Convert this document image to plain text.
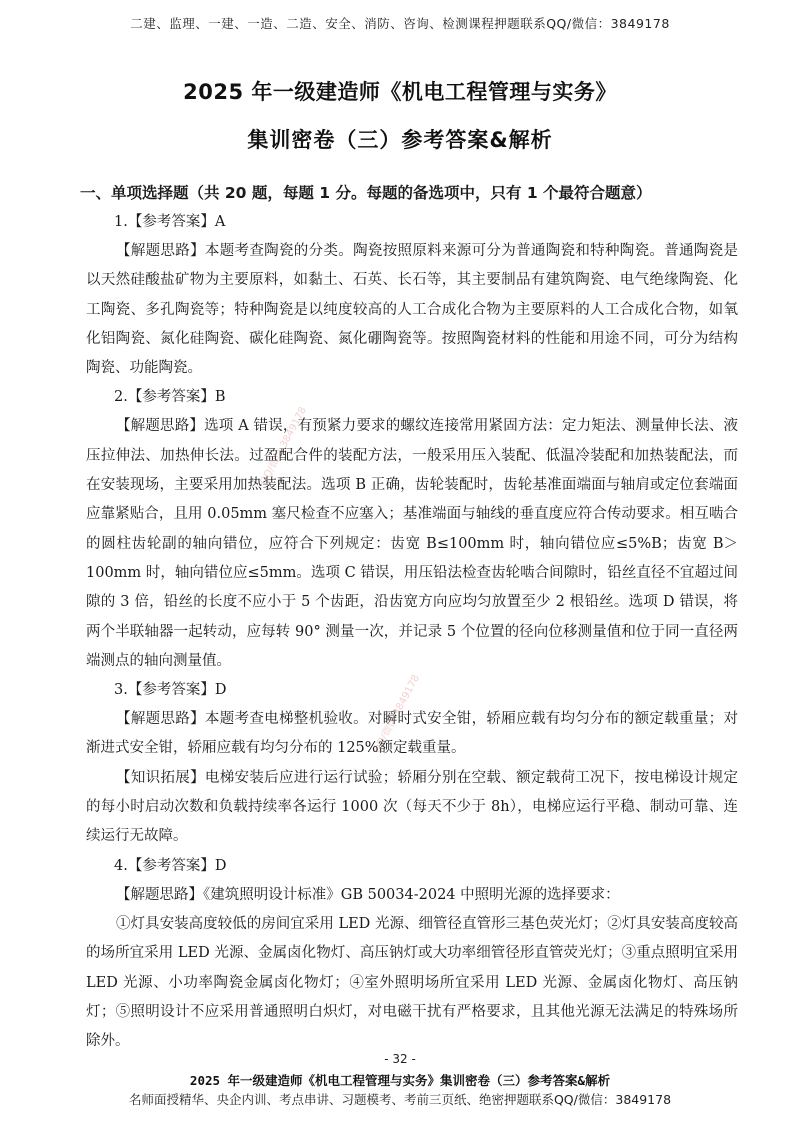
二建、监理、一建、一造、二造、安全、消防、咨询、检测课程押题联系QQ/微信：3849178
2025 年一级建造师《机电工程管理与实务》
集训密卷（三）参考答案&解析
QQ/微信 3849178
QQ/微信 3849178
一、单项选择题（共 20 题，每题 1 分。每题的备选项中，只有 1 个最符合题意）
1.【参考答案】A

【解题思路】本题考查陶瓷的分类。陶瓷按照原料来源可分为普通陶瓷和特种陶瓷。普通陶瓷是以天然硅酸盐矿物为主要原料，如黏土、石英、长石等，其主要制品有建筑陶瓷、电气绝缘陶瓷、化工陶瓷、多孔陶瓷等；特种陶瓷是以纯度较高的人工合成化合物为主要原料的人工合成化合物，如氧化铝陶瓷、氮化硅陶瓷、碳化硅陶瓷、氮化硼陶瓷等。按照陶瓷材料的性能和用途不同，可分为结构陶瓷、功能陶瓷。

2.【参考答案】B

【解题思路】选项 A 错误，有预紧力要求的螺纹连接常用紧固方法：定力矩法、测量伸长法、液压拉伸法、加热伸长法。过盈配合件的装配方法，一般采用压入装配、低温冷装配和加热装配法，而在安装现场，主要采用加热装配法。选项 B 正确，齿轮装配时，齿轮基准面端面与轴肩或定位套端面应靠紧贴合，且用 0.05mm 塞尺检查不应塞入；基准端面与轴线的垂直度应符合传动要求。相互啮合的圆柱齿轮副的轴向错位，应符合下列规定：齿宽 B≤100mm 时，轴向错位应≤5%B；齿宽 B＞100mm 时，轴向错位应≤5mm。选项 C 错误，用压铅法检查齿轮啮合间隙时，铅丝直径不宜超过间隙的 3 倍，铅丝的长度不应小于 5 个齿距，沿齿宽方向应均匀放置至少 2 根铅丝。选项 D 错误，将两个半联轴器一起转动，应每转 90° 测量一次，并记录 5 个位置的径向位移测量值和位于同一直径两端测点的轴向测量值。

3.【参考答案】D

【解题思路】本题考查电梯整机验收。对瞬时式安全钳，轿厢应载有均匀分布的额定载重量；对渐进式安全钳，轿厢应载有均匀分布的 125%额定载重量。

【知识拓展】电梯安装后应进行运行试验；轿厢分别在空载、额定载荷工况下，按电梯设计规定的每小时启动次数和负载持续率各运行 1000 次（每天不少于 8h），电梯应运行平稳、制动可靠、连续运行无故障。

4.【参考答案】D

【解题思路】《建筑照明设计标准》GB 50034-2024 中照明光源的选择要求：

①灯具安装高度较低的房间宜采用 LED 光源、细管径直管形三基色荧光灯；②灯具安装高度较高的场所宜采用 LED 光源、金属卤化物灯、高压钠灯或大功率细管径形直管荧光灯；③重点照明宜采用 LED 光源、小功率陶瓷金属卤化物灯；④室外照明场所宜采用 LED 光源、金属卤化物灯、高压钠灯；⑤照明设计不应采用普通照明白炽灯，对电磁干扰有严格要求，且其他光源无法满足的特殊场所除外。

- 32 -
2025 年一级建造师《机电工程管理与实务》集训密卷（三）参考答案&解析
名师面授精华、央企内训、考点串讲、习题模考、考前三页纸、绝密押题联系QQ/微信：3849178
